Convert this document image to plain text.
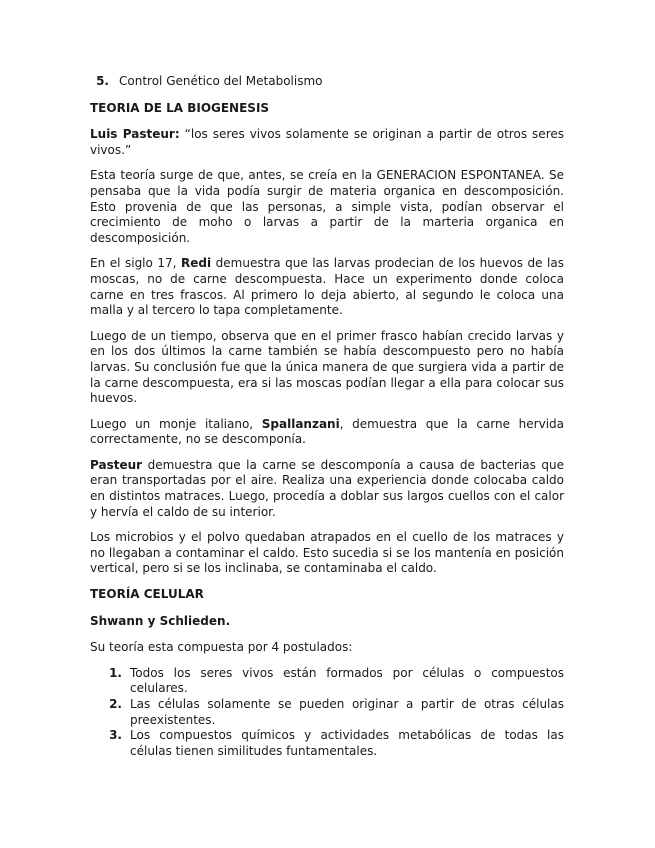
5. Control Genético del Metabolismo

TEORIA DE LA BIOGENESIS

Luis Pasteur: “los seres vivos solamente se originan a partir de otros seres vivos.”

Esta teoría surge de que, antes, se creía en la GENERACION ESPONTANEA. Se pensaba que la vida podía surgir de materia organica en descomposición. Esto provenia de que las personas, a simple vista, podían observar el crecimiento de moho o larvas a partir de la marteria organica en descomposición.

En el siglo 17, Redi demuestra que las larvas prodecian de los huevos de las moscas, no de carne descompuesta. Hace un experimento donde coloca carne en tres frascos. Al primero lo deja abierto, al segundo le coloca una malla y al tercero lo tapa completamente.

Luego de un tiempo, observa que en el primer frasco habían crecido larvas y en los dos últimos la carne también se había descompuesto pero no había larvas. Su conclusión fue que la única manera de que surgiera vida a partir de la carne descompuesta, era si las moscas podían llegar a ella para colocar sus huevos.

Luego un monje italiano, Spallanzani, demuestra que la carne hervida correctamente, no se descomponía.

Pasteur demuestra que la carne se descomponía a causa de bacterias que eran transportadas por el aire. Realiza una experiencia donde colocaba caldo en distintos matraces. Luego, procedía a doblar sus largos cuellos con el calor y hervía el caldo de su interior.

Los microbios y el polvo quedaban atrapados en el cuello de los matraces y no llegaban a contaminar el caldo. Esto sucedia si se los mantenía en posición vertical, pero si se los inclinaba, se contaminaba el caldo.

TEORÍA CELULAR

Shwann y Schlieden.

Su teoría esta compuesta por 4 postulados:

1. Todos los seres vivos están formados por células o compuestos celulares.
2. Las células solamente se pueden originar a partir de otras células preexistentes.
3. Los compuestos químicos y actividades metabólicas de todas las células tienen similitudes funtamentales.
